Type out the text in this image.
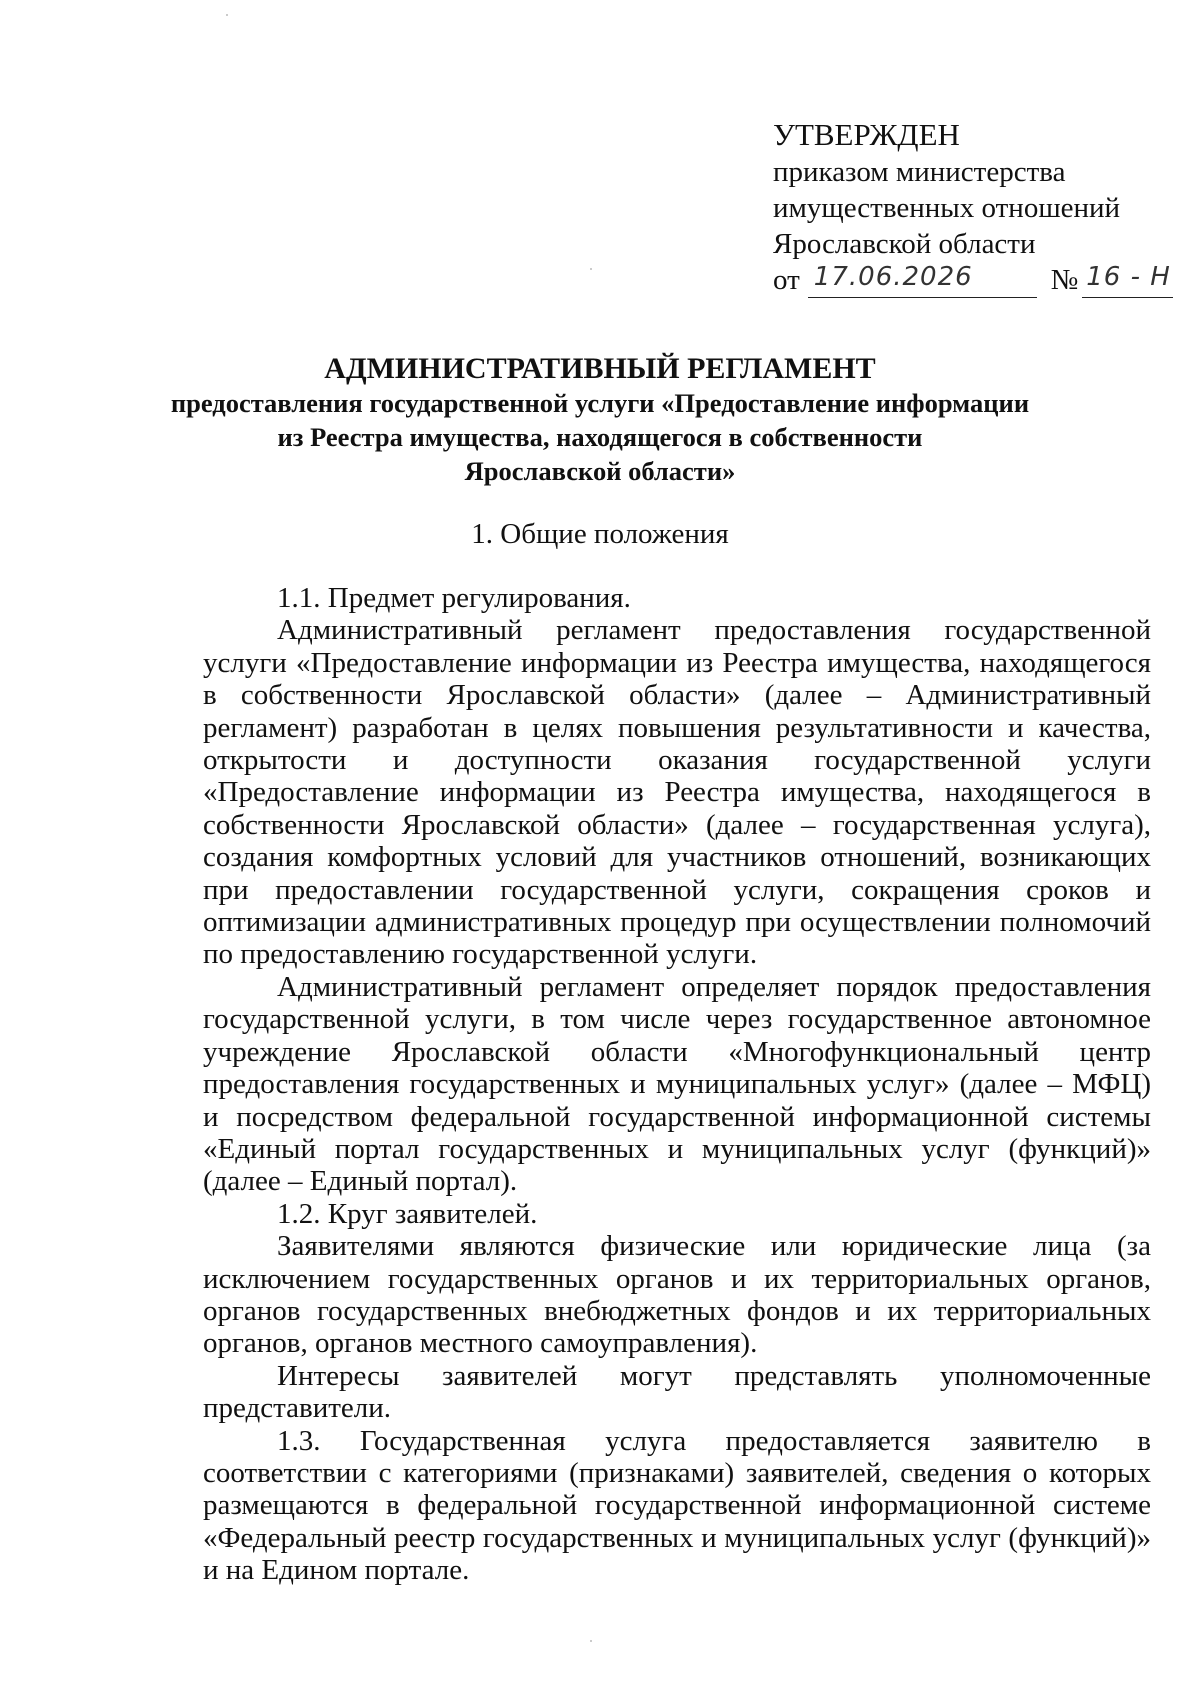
УТВЕРЖДЕН
приказом министерства
имущественных отношений
Ярославской области
от 17.06.2026	№ 16 - Н
АДМИНИСТРАТИВНЫЙ РЕГЛАМЕНТ
предоставления государственной услуги «Предоставление информации
из Реестра имущества, находящегося в собственности
Ярославской области»
1. Общие положения

1.1. Предмет регулирования.

Административный регламент предоставления государственной услуги «Предоставление информации из Реестра имущества, находящегося в собственности Ярославской области» (далее – Административный регламент) разработан в целях повышения результативности и качества, открытости и доступности оказания государственной услуги «Предоставление информации из Реестра имущества, находящегося в собственности Ярославской области» (далее – государственная услуга), создания комфортных условий для участников отношений, возникающих при предоставлении государственной услуги, сокращения сроков и оптимизации административных процедур при осуществлении полномочий по предоставлению государственной услуги.

Административный регламент определяет порядок предоставления государственной услуги, в том числе через государственное автономное учреждение Ярославской области «Многофункциональный центр предоставления государственных и муниципальных услуг» (далее – МФЦ) и посредством федеральной государственной информационной системы «Единый портал государственных и муниципальных услуг (функций)» (далее – Единый портал).

1.2. Круг заявителей.

Заявителями являются физические или юридические лица (за исключением государственных органов и их территориальных органов, органов государственных внебюджетных фондов и их территориальных органов, органов местного самоуправления).

Интересы заявителей могут представлять уполномоченные представители.

1.3. Государственная услуга предоставляется заявителю в соответствии с категориями (признаками) заявителей, сведения о которых размещаются в федеральной государственной информационной системе «Федеральный реестр государственных и муниципальных услуг (функций)» и на Едином портале.
